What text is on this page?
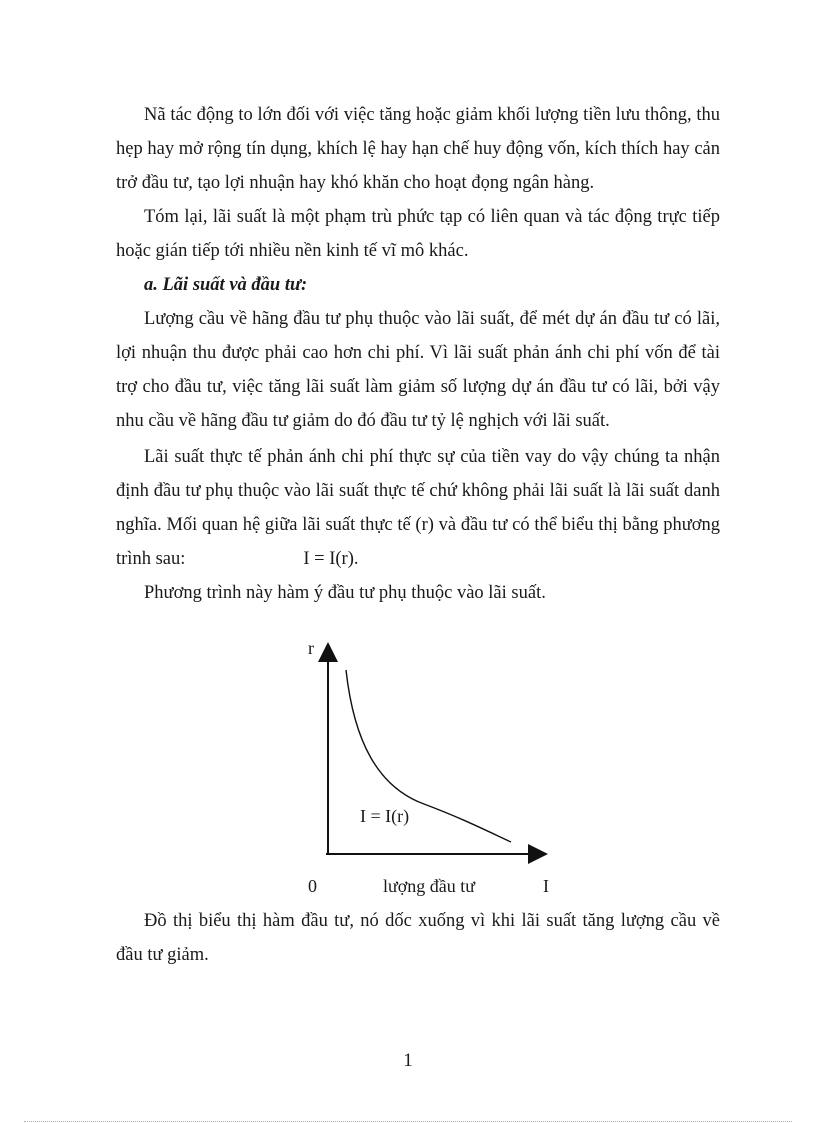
Nã tác động to lớn đối với việc tăng hoặc giảm khối lượng tiền lưu thông, thu hẹp hay mở rộng tín dụng, khích lệ hay hạn chế huy động vốn, kích thích hay cản trở đầu tư, tạo lợi nhuận hay khó khăn cho hoạt đọng ngân hàng.

Tóm lại, lãi suất là một phạm trù phức tạp có liên quan và tác động trực tiếp hoặc gián tiếp tới nhiều nền kinh tế vĩ mô khác.

a. Lãi suất và đầu tư:

Lượng cầu về hãng đầu tư phụ thuộc vào lãi suất, để mét dự án đầu tư có lãi, lợi nhuận thu được phải cao hơn chi phí. Vì lãi suất phản ánh chi phí vốn để tài trợ cho đầu tư, việc tăng lãi suất làm giảm số lượng dự án đầu tư có lãi, bởi vậy nhu cầu về hãng đầu tư giảm do đó đầu tư tỷ lệ nghịch với lãi suất.

Lãi suất thực tế phản ánh chi phí thực sự của tiền vay do vậy chúng ta nhận định đầu tư phụ thuộc vào lãi suất thực tế chứ không phải lãi suất là lãi suất danh nghĩa. Mối quan hệ giữa lãi suất thực tế (r) và đầu tư có thể biểu thị bằng phương trình sau:	I = I(r).

Phương trình này hàm ý đầu tư phụ thuộc vào lãi suất.

r
I = I(r)
0	lượng đầu tư	I

Đồ thị biểu thị hàm đầu tư, nó dốc xuống vì khi lãi suất tăng lượng cầu về đầu tư giảm.

1
